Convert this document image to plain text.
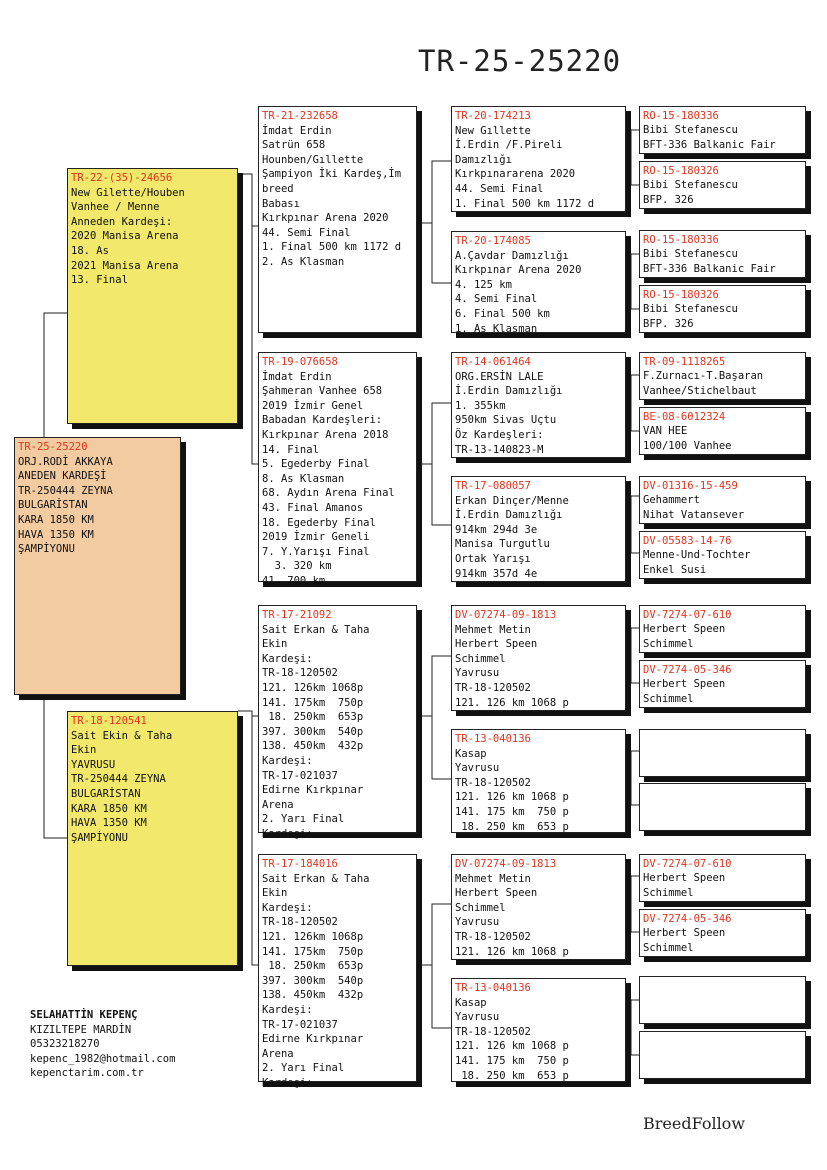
TR-25-25220
TR-25-25220
ORJ.RODİ AKKAYA
ANEDEN KARDEŞİ
TR-250444 ZEYNA
BULGARİSTAN
KARA 1850 KM
HAVA 1350 KM
ŞAMPİYONU
TR-22-(35)-24656
New Gilette/Houben
Vanhee / Menne
Anneden Kardeşi:
2020 Manisa Arena
18. As
2021 Manisa Arena
13. Final
TR-18-120541
Sait Ekin & Taha
Ekin
YAVRUSU
TR-250444 ZEYNA
BULGARİSTAN
KARA 1850 KM
HAVA 1350 KM
ŞAMPİYONU
TR-21-232658
İmdat Erdin
Satrün 658
Hounben/Gıllette
Şampiyon İki Kardeş,İm
breed
Babası
Kırkpınar Arena 2020
44. Semi Final
1. Final 500 km 1172 d
2. As Klasman
TR-19-076658
İmdat Erdin
Şahmeran Vanhee 658
2019 İzmir Genel
Babadan Kardeşleri:
Kırkpınar Arena 2018
14. Final
5. Egederby Final
8. As Klasman
68. Aydın Arena Final
43. Final Amanos
18. Egederby Final
2019 İzmir Geneli
7. Y.Yarışı Final
3. 320 km
41. 700 km
TR-17-21092
Sait Erkan & Taha
Ekin
Kardeşi:
TR-18-120502
121. 126km 1068p
141. 175km  750p
18. 250km  653p
397. 300km  540p
138. 450km  432p
Kardeşi:
TR-17-021037
Edirne Kırkpınar
Arena
2. Yarı Final
Kardeşi:
TR-17-184016
Sait Erkan & Taha
Ekin
Kardeşi:
TR-18-120502
121. 126km 1068p
141. 175km  750p
18. 250km  653p
397. 300km  540p
138. 450km  432p
Kardeşi:
TR-17-021037
Edirne Kırkpınar
Arena
2. Yarı Final
Kardeşi:
TR-20-174213
New Gıllette
İ.Erdin /F.Pireli
Damızlığı
Kırkpınararena 2020
44. Semi Final
1. Final 500 km 1172 d
TR-20-174085
A.Çavdar Damızlığı
Kırkpınar Arena 2020
4. 125 km
4. Semi Final
6. Final 500 km
1. As Klasman
TR-14-061464
ORG.ERSİN LALE
İ.Erdin Damızlığı
1. 355km
950km Sivas Uçtu
Öz Kardeşleri:
TR-13-140823-M
TR-17-080057
Erkan Dinçer/Menne
İ.Erdin Damızlığı
914km 294d 3e
Manisa Turgutlu
Ortak Yarışı
914km 357d 4e
DV-07274-09-1813
Mehmet Metin
Herbert Speen
Schimmel
Yavrusu
TR-18-120502
121. 126 km 1068 p
TR-13-040136
Kasap
Yavrusu
TR-18-120502
121. 126 km 1068 p
141. 175 km  750 p
18. 250 km  653 p
DV-07274-09-1813
Mehmet Metin
Herbert Speen
Schimmel
Yavrusu
TR-18-120502
121. 126 km 1068 p
TR-13-040136
Kasap
Yavrusu
TR-18-120502
121. 126 km 1068 p
141. 175 km  750 p
18. 250 km  653 p
RO-15-180336
Bibi Stefanescu
BFT-336 Balkanic Fair
RO-15-180326
Bibi Stefanescu
BFP. 326
RO-15-180336
Bibi Stefanescu
BFT-336 Balkanic Fair
RO-15-180326
Bibi Stefanescu
BFP. 326
TR-09-1118265
F.Zurnacı-T.Başaran
Vanhee/Stichelbaut
BE-08-6012324
VAN HEE
100/100 Vanhee
DV-01316-15-459
Gehammert
Nihat Vatansever
DV-05583-14-76
Menne-Und-Tochter
Enkel Susi
DV-7274-07-610
Herbert Speen
Schimmel
DV-7274-05-346
Herbert Speen
Schimmel
DV-7274-07-610
Herbert Speen
Schimmel
DV-7274-05-346
Herbert Speen
Schimmel
SELAHATTİN KEPENÇ
KIZILTEPE MARDİN
05323218270
kepenc_1982@hotmail.com
kepenctarim.com.tr
BreedFollow
